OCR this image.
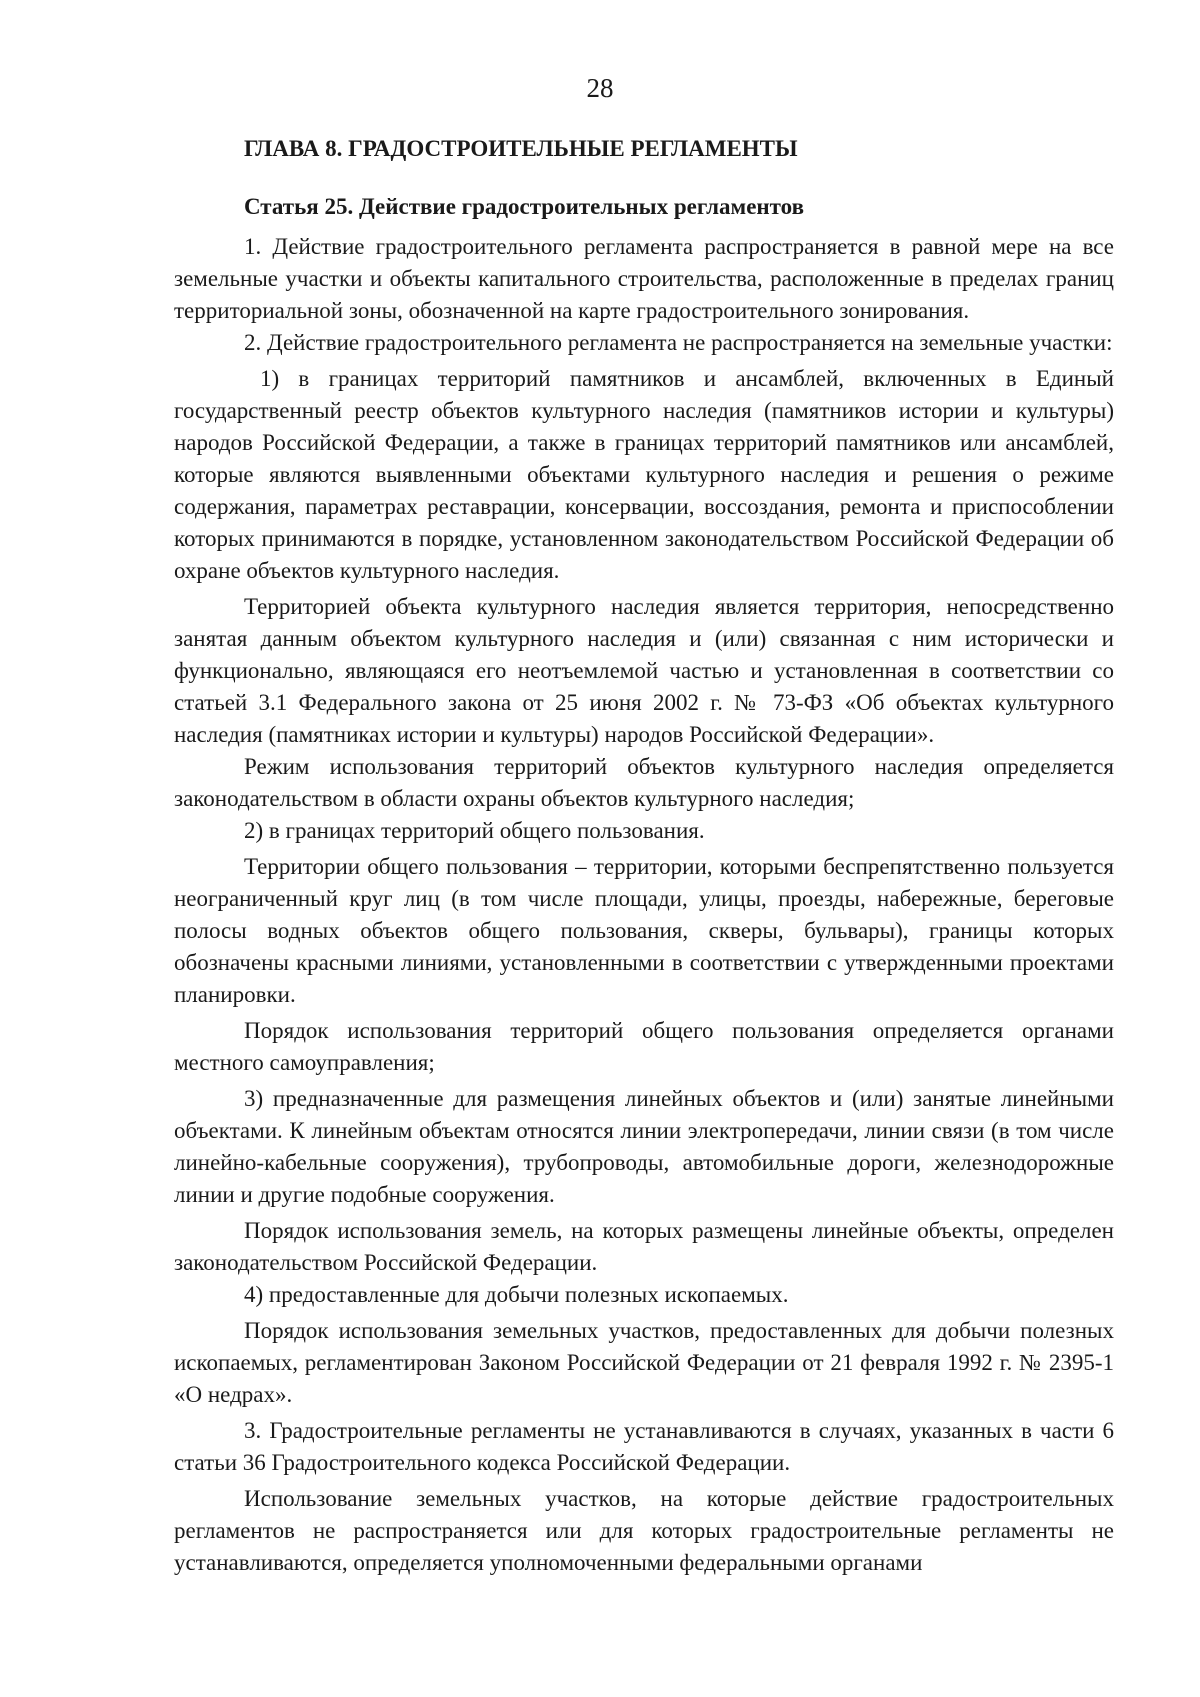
28
ГЛАВА 8. ГРАДОСТРОИТЕЛЬНЫЕ РЕГЛАМЕНТЫ
Статья 25. Действие градостроительных регламентов

1. Действие градостроительного регламента распространяется в равной мере на все земельные участки и объекты капитального строительства, расположенные в пределах границ территориальной зоны, обозначенной на карте градостроительного зонирования.

2. Действие градостроительного регламента не распространяется на земельные участки:

1) в границах территорий памятников и ансамблей, включенных в Единый государственный реестр объектов культурного наследия (памятников истории и культуры) народов Российской Федерации, а также в границах территорий памятников или ансамблей, которые являются выявленными объектами культурного наследия и решения о режиме содержания, параметрах реставрации, консервации, воссоздания, ремонта и приспособлении которых принимаются в порядке, установленном законодательством Российской Федерации об охране объектов культурного наследия.

Территорией объекта культурного наследия является территория, непосредственно занятая данным объектом культурного наследия и (или) связанная с ним исторически и функционально, являющаяся его неотъемлемой частью и установленная в соответствии со статьей 3.1 Федерального закона от 25 июня 2002 г. № 73-ФЗ «Об объектах культурного наследия (памятниках истории и культуры) народов Российской Федерации».

Режим использования территорий объектов культурного наследия определяется законодательством в области охраны объектов культурного наследия;

2) в границах территорий общего пользования.

Территории общего пользования – территории, которыми беспрепятственно пользуется неограниченный круг лиц (в том числе площади, улицы, проезды, набережные, береговые полосы водных объектов общего пользования, скверы, бульвары), границы которых обозначены красными линиями, установленными в соответствии с утвержденными проектами планировки.

Порядок использования территорий общего пользования определяется органами местного самоуправления;

3) предназначенные для размещения линейных объектов и (или) занятые линейными объектами. К линейным объектам относятся линии электропередачи, линии связи (в том числе линейно-кабельные сооружения), трубопроводы, автомобильные дороги, железнодорожные линии и другие подобные сооружения.

Порядок использования земель, на которых размещены линейные объекты, определен законодательством Российской Федерации.

4) предоставленные для добычи полезных ископаемых.

Порядок использования земельных участков, предоставленных для добычи полезных ископаемых, регламентирован Законом Российской Федерации от 21 февраля 1992 г. № 2395-1 «О недрах».

3. Градостроительные регламенты не устанавливаются в случаях, указанных в части 6 статьи 36 Градостроительного кодекса Российской Федерации.

Использование земельных участков, на которые действие градостроительных регламентов не распространяется или для которых градостроительные регламенты не устанавливаются, определяется уполномоченными федеральными органами
